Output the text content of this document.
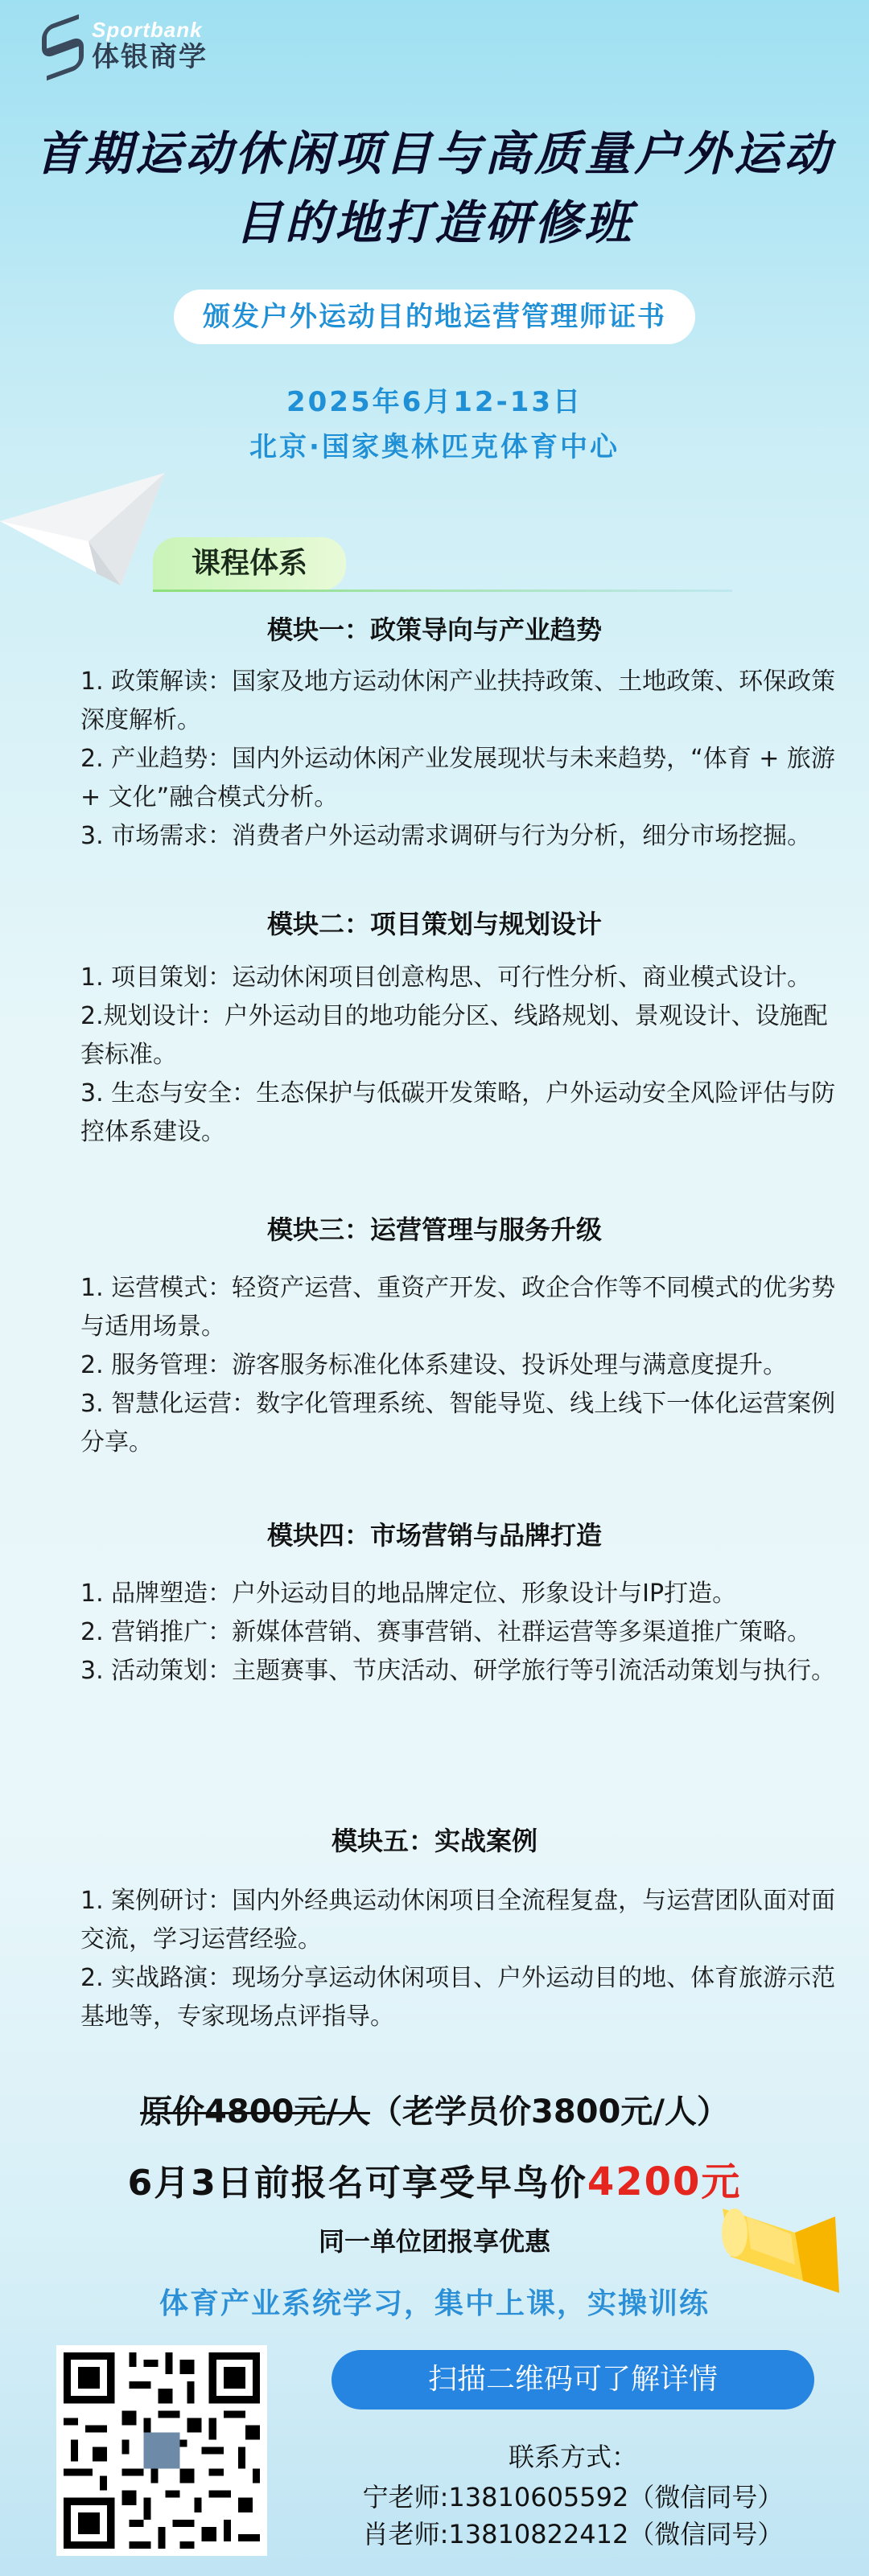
Sportbank
体银商学
首期运动休闲项目与高质量户外运动
目的地打造研修班
颁发户外运动目的地运营管理师证书
2025年6月12-13日
北京·国家奥林匹克体育中心
课程体系
模块一：政策导向与产业趋势

1. 政策解读：国家及地方运动休闲产业扶持政策、土地政策、环保政策深度解析。

2. 产业趋势：国内外运动休闲产业发展现状与未来趋势，“体育 + 旅游 + 文化”融合模式分析。

3. 市场需求：消费者户外运动需求调研与行为分析，细分市场挖掘。

模块二：项目策划与规划设计

1. 项目策划：运动休闲项目创意构思、可行性分析、商业模式设计。

2.规划设计：户外运动目的地功能分区、线路规划、景观设计、设施配套标准。

3. 生态与安全：生态保护与低碳开发策略，户外运动安全风险评估与防控体系建设。

模块三：运营管理与服务升级

1. 运营模式：轻资产运营、重资产开发、政企合作等不同模式的优劣势与适用场景。

2. 服务管理：游客服务标准化体系建设、投诉处理与满意度提升。

3. 智慧化运营：数字化管理系统、智能导览、线上线下一体化运营案例分享。

模块四：市场营销与品牌打造

1. 品牌塑造：户外运动目的地品牌定位、形象设计与IP打造。

2. 营销推广：新媒体营销、赛事营销、社群运营等多渠道推广策略。

3. 活动策划：主题赛事、节庆活动、研学旅行等引流活动策划与执行。

模块五：实战案例

1. 案例研讨：国内外经典运动休闲项目全流程复盘，与运营团队面对面交流，学习运营经验。

2. 实战路演：现场分享运动休闲项目、户外运动目的地、体育旅游示范基地等，专家现场点评指导。

原价4800元/人（老学员价3800元/人）
6月3日前报名可享受早鸟价4200元
同一单位团报享优惠
体育产业系统学习，集中上课，实操训练
扫描二维码可了解详情
联系方式：
宁老师:13810605592（微信同号）
肖老师:13810822412（微信同号）
